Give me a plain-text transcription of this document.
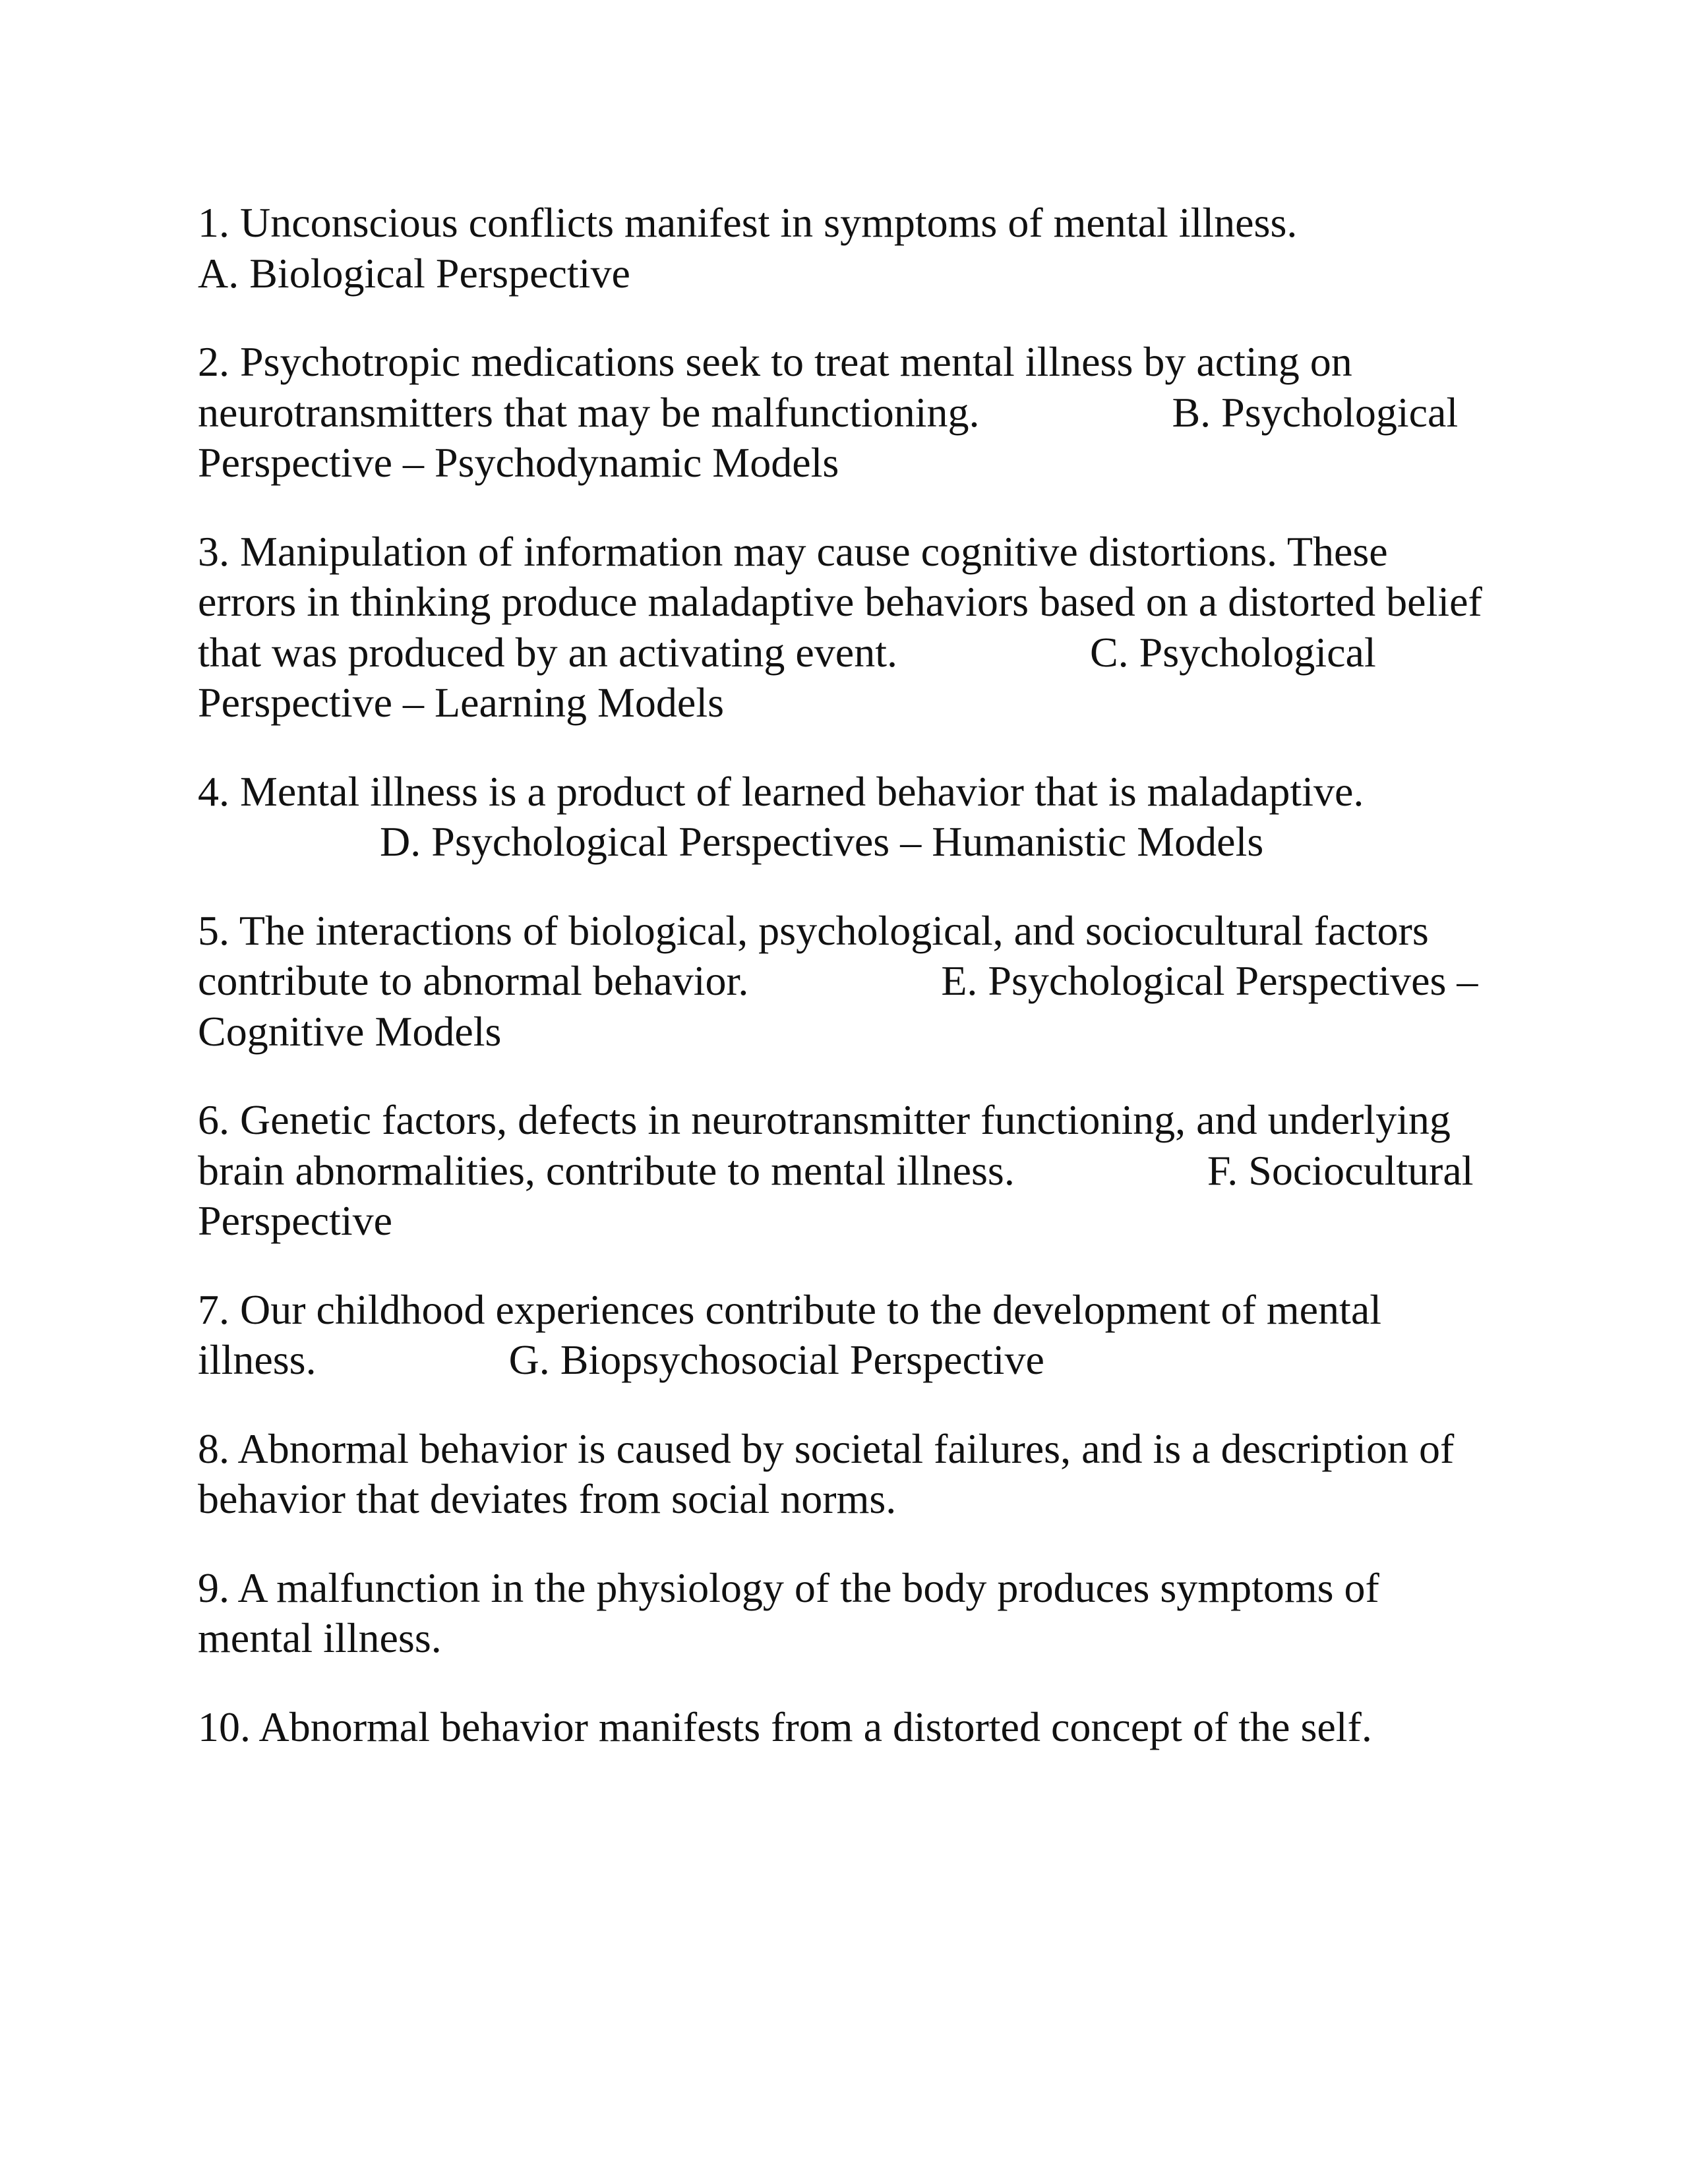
1. Unconscious conflicts manifest in symptoms of mental illness.  A. Biological Perspective

2. Psychotropic medications seek to treat mental illness by acting on neurotransmitters that may be malfunctioning.	B. Psychological Perspective – Psychodynamic Models

3. Manipulation of information may cause cognitive distortions. These errors in thinking produce maladaptive behaviors based on a distorted belief that was produced by an activating event.	C. Psychological Perspective – Learning Models

4. Mental illness is a product of learned behavior that is maladaptive.  D. Psychological Perspectives – Humanistic Models

5. The interactions of biological, psychological, and sociocultural factors contribute to abnormal behavior.	E. Psychological Perspectives – Cognitive Models

6. Genetic factors, defects in neurotransmitter functioning, and underlying brain abnormalities, contribute to mental illness.	F. Sociocultural Perspective

7. Our childhood experiences contribute to the development of mental illness.	G. Biopsychosocial Perspective

8. Abnormal behavior is caused by societal failures, and is a description of behavior that deviates from social norms.

9. A malfunction in the physiology of the body produces symptoms of mental illness.

10. Abnormal behavior manifests from a distorted concept of the self.
